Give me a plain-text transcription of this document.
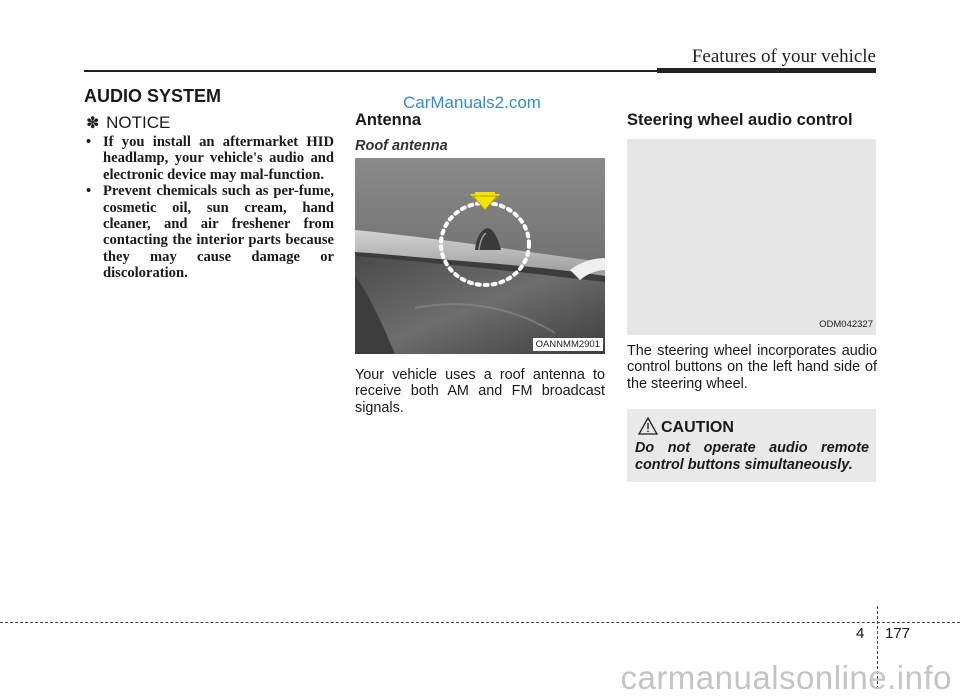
Features of your vehicle
AUDIO SYSTEM	CarManuals2.com
✽ NOTICE
• If you install an aftermarket HID headlamp, your vehicle's audio and electronic device may mal-function.
• Prevent chemicals such as per-fume, cosmetic oil, sun cream, hand cleaner, and air freshener from contacting the interior parts because they may cause damage or discoloration.
Antenna
Roof antenna
OANNMM2901

Your vehicle uses a roof antenna to receive both AM and FM broadcast signals.

Steering wheel audio control
ODM042327

The steering wheel incorporates audio control buttons on the left hand side of the steering wheel.

CAUTION

Do not operate audio remote control buttons simultaneously.

4 177
carmanualsonline.info
